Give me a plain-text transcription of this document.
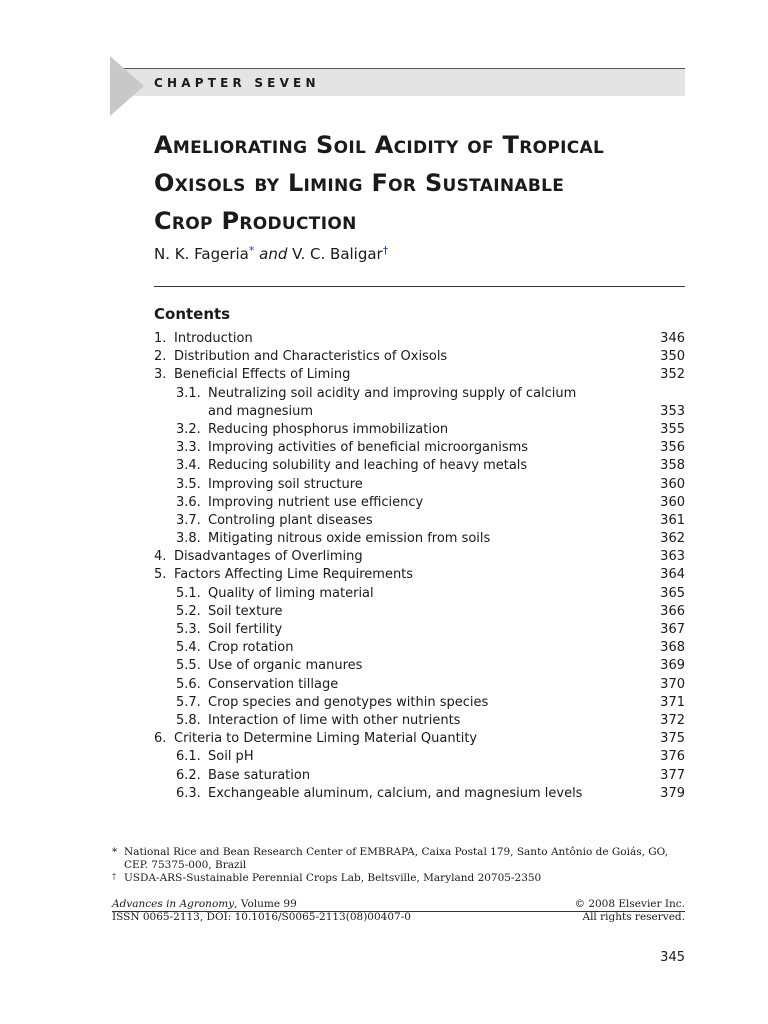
CHAPTER SEVEN
Ameliorating Soil Acidity of Tropical
Oxisols by Liming For Sustainable
Crop Production
N. K. Fageria* and V. C. Baligar†
Contents
1. Introduction	346
2. Distribution and Characteristics of Oxisols	350
3. Beneficial Effects of Liming	352
3.1. Neutralizing soil acidity and improving supply of calcium
and magnesium	353
3.2. Reducing phosphorus immobilization	355
3.3. Improving activities of beneficial microorganisms	356
3.4. Reducing solubility and leaching of heavy metals	358
3.5. Improving soil structure	360
3.6. Improving nutrient use efficiency	360
3.7. Controling plant diseases	361
3.8. Mitigating nitrous oxide emission from soils	362
4. Disadvantages of Overliming	363
5. Factors Affecting Lime Requirements	364
5.1. Quality of liming material	365
5.2. Soil texture	366
5.3. Soil fertility	367
5.4. Crop rotation	368
5.5. Use of organic manures	369
5.6. Conservation tillage	370
5.7. Crop species and genotypes within species	371
5.8. Interaction of lime with other nutrients	372
6. Criteria to Determine Liming Material Quantity	375
6.1. Soil pH	376
6.2. Base saturation	377
6.3. Exchangeable aluminum, calcium, and magnesium levels	379
* National Rice and Bean Research Center of EMBRAPA, Caixa Postal 179, Santo Antônio de Goiás, GO, CEP. 75375-000, Brazil
† USDA-ARS-Sustainable Perennial Crops Lab, Beltsville, Maryland 20705-2350
Advances in Agronomy, Volume 99	© 2008 Elsevier Inc.
ISSN 0065-2113, DOI: 10.1016/S0065-2113(08)00407-0	All rights reserved.
345
